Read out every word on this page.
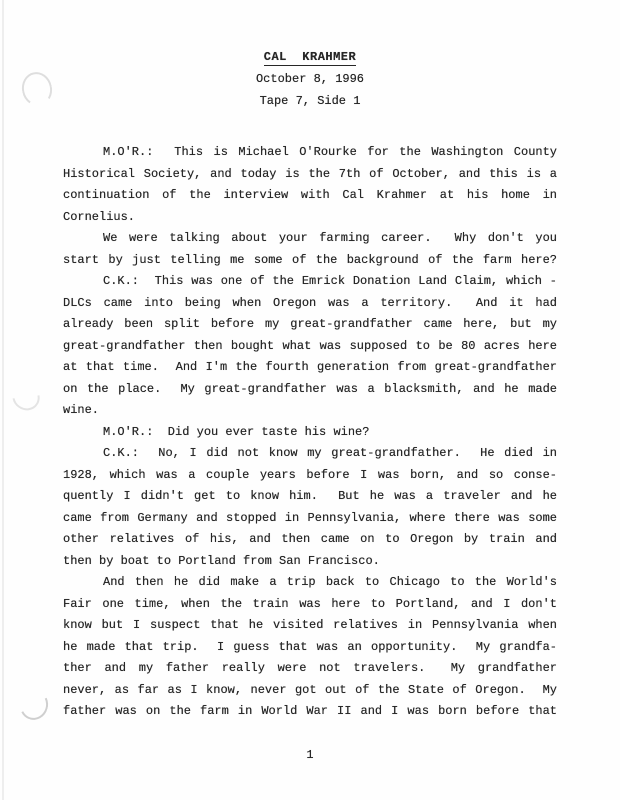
CAL  KRAHMER
October 8, 1996
Tape 7, Side 1
M.O'R.:  This is Michael O'Rourke for the Washington County
Historical Society, and today is the 7th of October, and this is a
continuation of the interview with Cal Krahmer at his home in
Cornelius.
We were talking about your farming career.  Why don't you
start by just telling me some of the background of the farm here?
C.K.:  This was one of the Emrick Donation Land Claim, which -
DLCs came into being when Oregon was a territory.  And it had
already been split before my great-grandfather came here, but my
great-grandfather then bought what was supposed to be 80 acres here
at that time.  And I'm the fourth generation from great-grandfather
on the place.  My great-grandfather was a blacksmith, and he made
wine.
M.O'R.:  Did you ever taste his wine?
C.K.:  No, I did not know my great-grandfather.  He died in
1928, which was a couple years before I was born, and so conse-
quently I didn't get to know him.  But he was a traveler and he
came from Germany and stopped in Pennsylvania, where there was some
other relatives of his, and then came on to Oregon by train and
then by boat to Portland from San Francisco.
And then he did make a trip back to Chicago to the World's
Fair one time, when the train was here to Portland, and I don't
know but I suspect that he visited relatives in Pennsylvania when
he made that trip.  I guess that was an opportunity.  My grandfa-
ther and my father really were not travelers.  My grandfather
never, as far as I know, never got out of the State of Oregon.  My
father was on the farm in World War II and I was born before that
1
